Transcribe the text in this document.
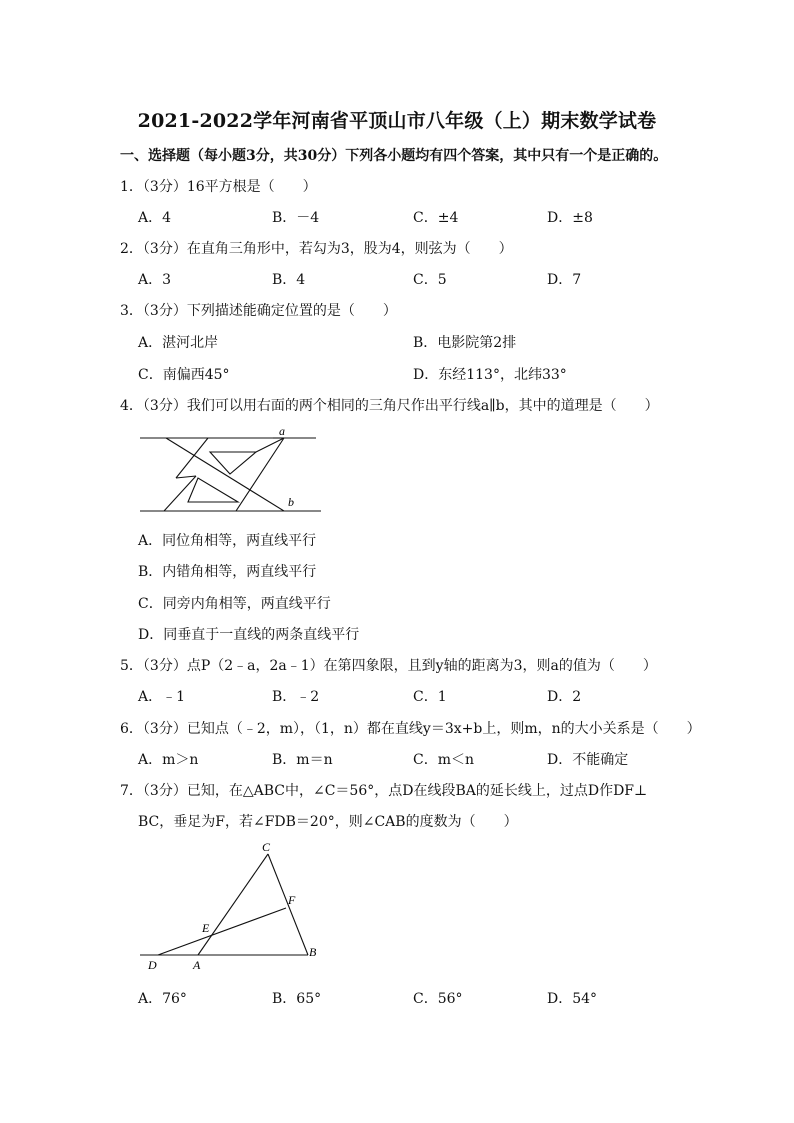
2021-2022学年河南省平顶山市八年级（上）期末数学试卷
一、选择题（每小题3分，共30分）下列各小题均有四个答案，其中只有一个是正确的。
1．（3分）16平方根是（　　）
A．4	B．－4	C．±4	D．±8
2．（3分）在直角三角形中，若勾为3，股为4，则弦为（　　）
A．3	B．4	C．5	D．7
3．（3分）下列描述能确定位置的是（　　）
A．湛河北岸	B．电影院第2排
C．南偏西45°	D．东经113°，北纬33°
4．（3分）我们可以用右面的两个相同的三角尺作出平行线a∥b，其中的道理是（　　）
a
b
A．同位角相等，两直线平行
B．内错角相等，两直线平行
C．同旁内角相等，两直线平行
D．同垂直于一直线的两条直线平行
5．（3分）点P（2﹣a，2a﹣1）在第四象限，且到y轴的距离为3，则a的值为（　　）
A．﹣1	B．﹣2	C．1	D．2
6．（3分）已知点（﹣2，m），（1，n）都在直线y＝3x+b上，则m，n的大小关系是（　　）
A．m＞n	B．m＝n	C．m＜n	D．不能确定
7．（3分）已知，在△ABC中，∠C＝56°，点D在线段BA的延长线上，过点D作DF⊥
BC，垂足为F，若∠FDB＝20°，则∠CAB的度数为（　　）
C
F
E
B
D	A
A．76°	B．65°	C．56°	D．54°
